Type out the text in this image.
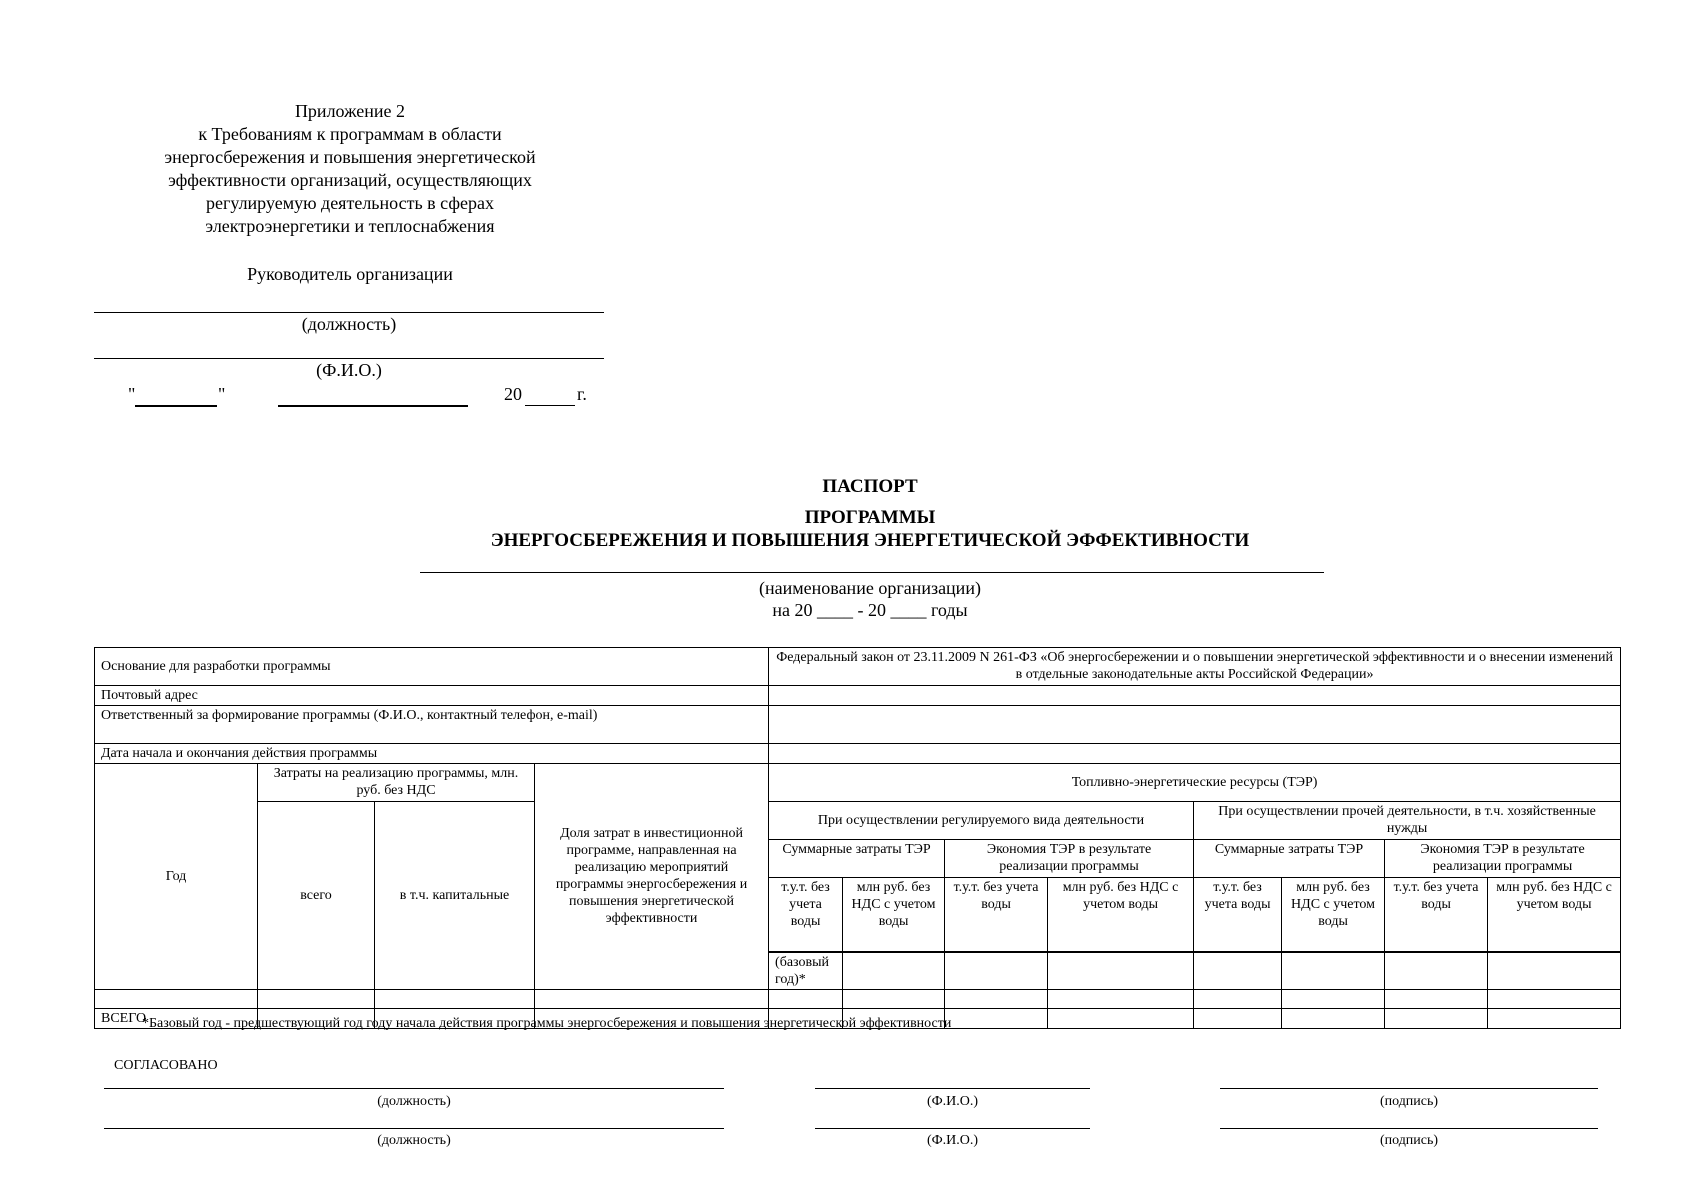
Приложение 2
к Требованиям к программам в области
энергосбережения и повышения энергетической
эффективности организаций, осуществляющих
регулируемую деятельность в сферах
электроэнергетики и теплоснабжения
Руководитель организации
(должность)
(Ф.И.О.)
"	"	20	г.
ПАСПОРТ
ПРОГРАММЫ
ЭНЕРГОСБЕРЕЖЕНИЯ И ПОВЫШЕНИЯ ЭНЕРГЕТИЧЕСКОЙ ЭФФЕКТИВНОСТИ
(наименование организации)
на 20 ____ - 20 ____ годы
Основание для разработки программы				Федеральный закон от 23.11.2009 N 261-ФЗ «Об энергосбережении и о повышении энергетической эффективности и о внесении изменений в отдельные законодательные акты Российской Федерации»								
Почтовый адрес												
Ответственный за формирование программы (Ф.И.О., контактный телефон, e-mail)												
Дата начала и окончания действия программы												
Год	Затраты на реализацию программы, млн. руб. без НДС		Доля затрат в инвестиционной программе, направленная на реализацию мероприятий программы энергосбережения и повышения энергетической эффективности	Топливно-энергетические ресурсы (ТЭР)								
	всего	в т.ч. капитальные		При осуществлении регулируемого вида деятельности				При осуществлении прочей деятельности, в т.ч. хозяйственные нужды				
				Суммарные затраты ТЭР		Экономия ТЭР в результате реализации программы		Суммарные затраты ТЭР		Экономия ТЭР в результате реализации программы		
				т.у.т. без учета воды	млн руб. без НДС с учетом воды	т.у.т. без учета воды	млн руб. без НДС с учетом воды	т.у.т. без учета воды	млн руб. без НДС с учетом воды	т.у.т. без учета воды	млн руб. без НДС с учетом воды	
				(базовый год)*											

ВСЕГО												
*Базовый год - предшествующий год году начала действия программы энергосбережения и повышения энергетической эффективности
СОГЛАСОВАНО
(должность)	(Ф.И.О.)	(подпись)
(должность)	(Ф.И.О.)	(подпись)
